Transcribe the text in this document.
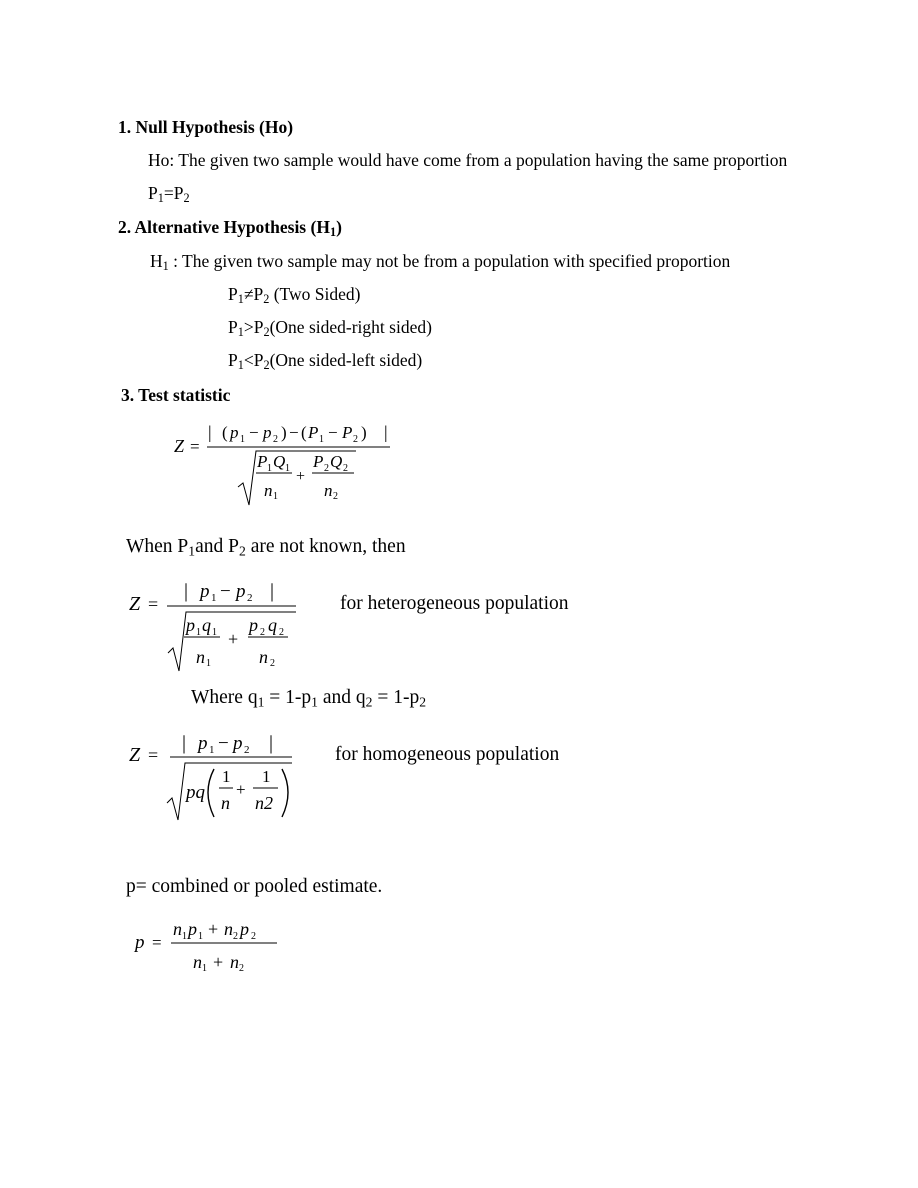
1. Null Hypothesis (Ho)
Ho: The given two sample would have come from a population having the same proportion
$P_1=P_2$
2. Alternative Hypothesis $(H_1)$
$H_1$ : The given two sample may not be from a population with specified proportion
$P_1\ne P_2$ (Two Sided)
$P_1>P_2(One$ sided-right sided)
$P_1<P_2(One$ sided-left sided)
3. Test statistic
Z =
| ( p 1 − p 2 ) − ( P 1 − P 2 ) |
P 1 Q 1
n 1
+
P 2 Q 2
n 2
When $P_1and$ $P_2$ are not known, then
Z =
| p 1 − p 2 |
p 1 q 1
n 1
+
p 2 q 2
n 2
for heterogeneous population
Where $q_1 = 1-p_1$ and $q_2 = 1-p_2$
Z =
| p 1 − p 2 |
pq
1
n
+
1
n2
for homogeneous population
p= combined or pooled estimate.
p =
n 1 p 1 + n 2 p 2
n 1 + n 2
